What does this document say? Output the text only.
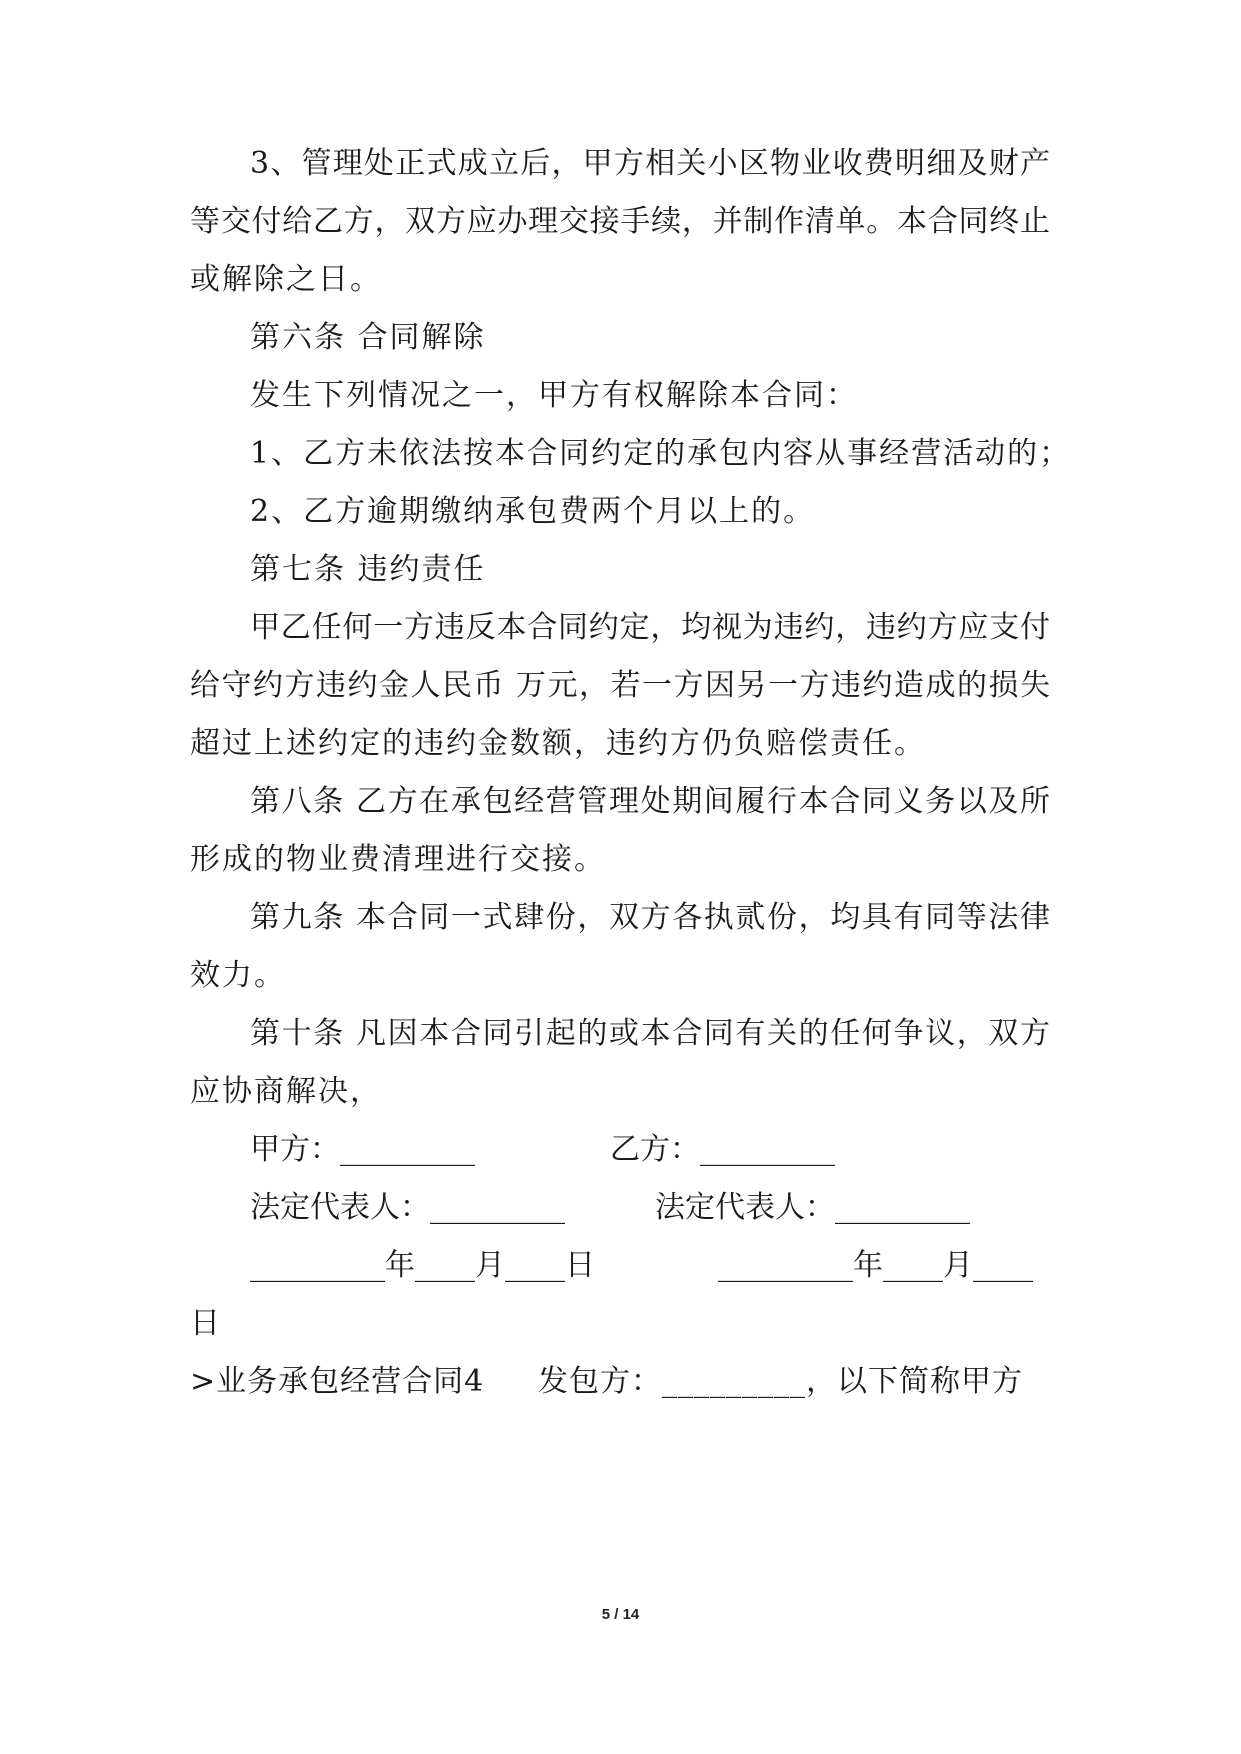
3、管理处正式成立后，甲方相关小区物业收费明细及财产
等交付给乙方，双方应办理交接手续，并制作清单。本合同终止
或解除之日。
第六条 合同解除
发生下列情况之一，甲方有权解除本合同：
1、乙方未依法按本合同约定的承包内容从事经营活动的；
2、乙方逾期缴纳承包费两个月以上的。
第七条 违约责任
甲乙任何一方违反本合同约定，均视为违约，违约方应支付
给守约方违约金人民币 万元，若一方因另一方违约造成的损失
超过上述约定的违约金数额，违约方仍负赔偿责任。
第八条 乙方在承包经营管理处期间履行本合同义务以及所
形成的物业费清理进行交接。
第九条 本合同一式肆份，双方各执贰份，均具有同等法律
效力。
第十条 凡因本合同引起的或本合同有关的任何争议，双方
应协商解决，
甲方：_________	乙方：_________
法定代表人：_________	法定代表人：_________
_________年____月____日	_________年____月____
日
>业务承包经营合同4 发包方：_________，以下简称甲方
5 / 14
